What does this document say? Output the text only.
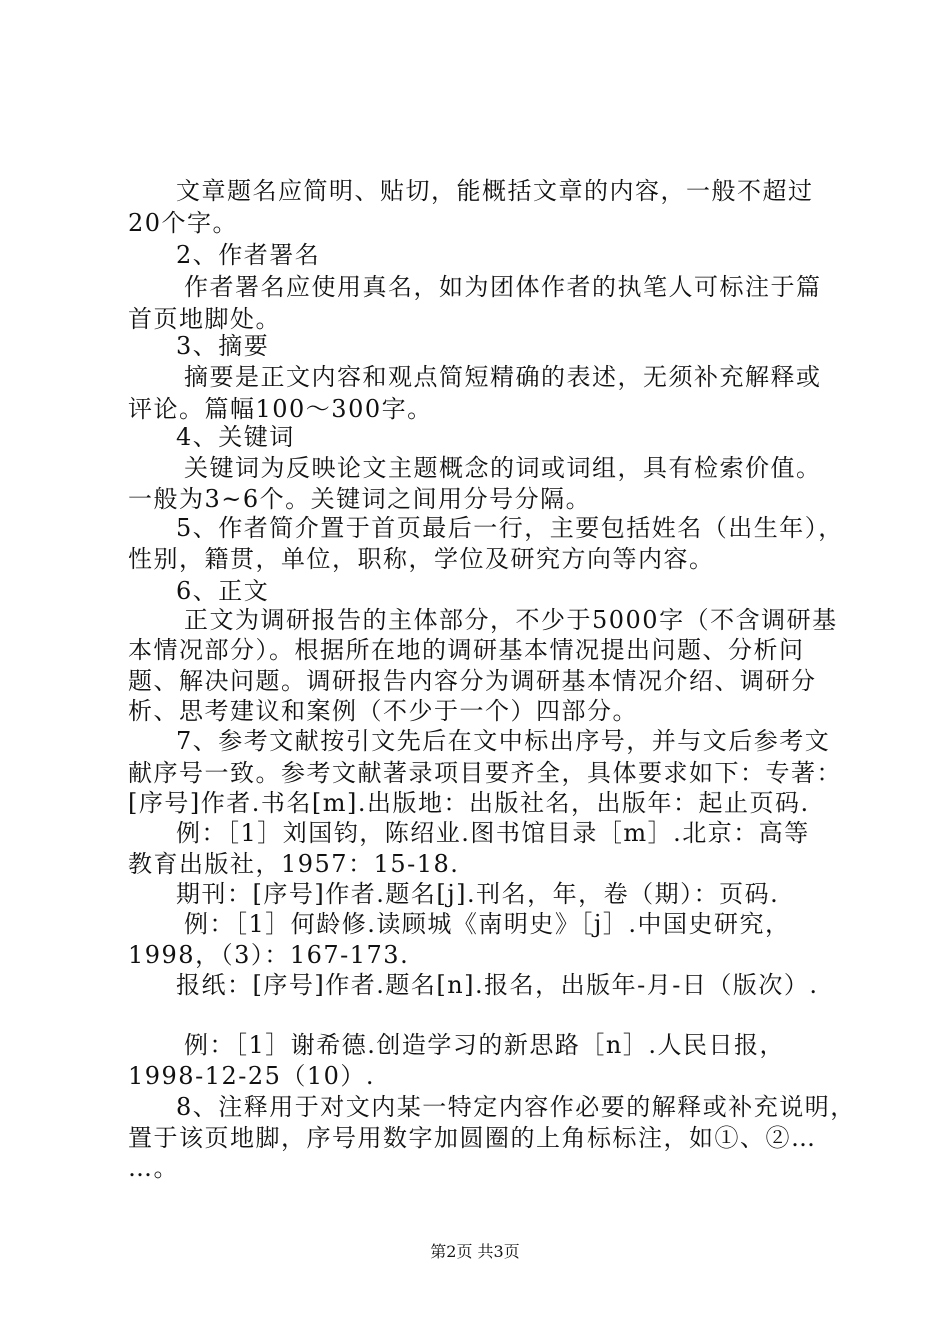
文章题名应简明、贴切，能概括文章的内容，一般不超过
20个字。
2、作者署名
作者署名应使用真名，如为团体作者的执笔人可标注于篇
首页地脚处。
3、摘要
摘要是正文内容和观点简短精确的表述，无须补充解释或
评论。篇幅100～300字。
4、关键词
关键词为反映论文主题概念的词或词组，具有检索价值。
一般为3~6个。关键词之间用分号分隔。
5、作者简介置于首页最后一行，主要包括姓名（出生年），
性别，籍贯，单位，职称，学位及研究方向等内容。
6、正文
正文为调研报告的主体部分，不少于5000字（不含调研基
本情况部分）。根据所在地的调研基本情况提出问题、分析问
题、解决问题。调研报告内容分为调研基本情况介绍、调研分
析、思考建议和案例（不少于一个）四部分。
7、参考文献按引文先后在文中标出序号，并与文后参考文
献序号一致。参考文献著录项目要齐全，具体要求如下：专著：
[序号]作者.书名[m].出版地：出版社名，出版年：起止页码.
例：［1］刘国钧，陈绍业.图书馆目录［m］.北京：高等
教育出版社，1957：15-18.
期刊：[序号]作者.题名[j].刊名，年，卷（期）：页码.
例：［1］何龄修.读顾城《南明史》［j］.中国史研究，
1998，（3）：167-173.
报纸：[序号]作者.题名[n].报名，出版年-月-日（版次）.
例：［1］谢希德.创造学习的新思路［n］.人民日报，
1998-12-25（10）.
8、注释用于对文内某一特定内容作必要的解释或补充说明，
置于该页地脚，序号用数字加圆圈的上角标标注，如①、②…
…。
第2页 共3页
